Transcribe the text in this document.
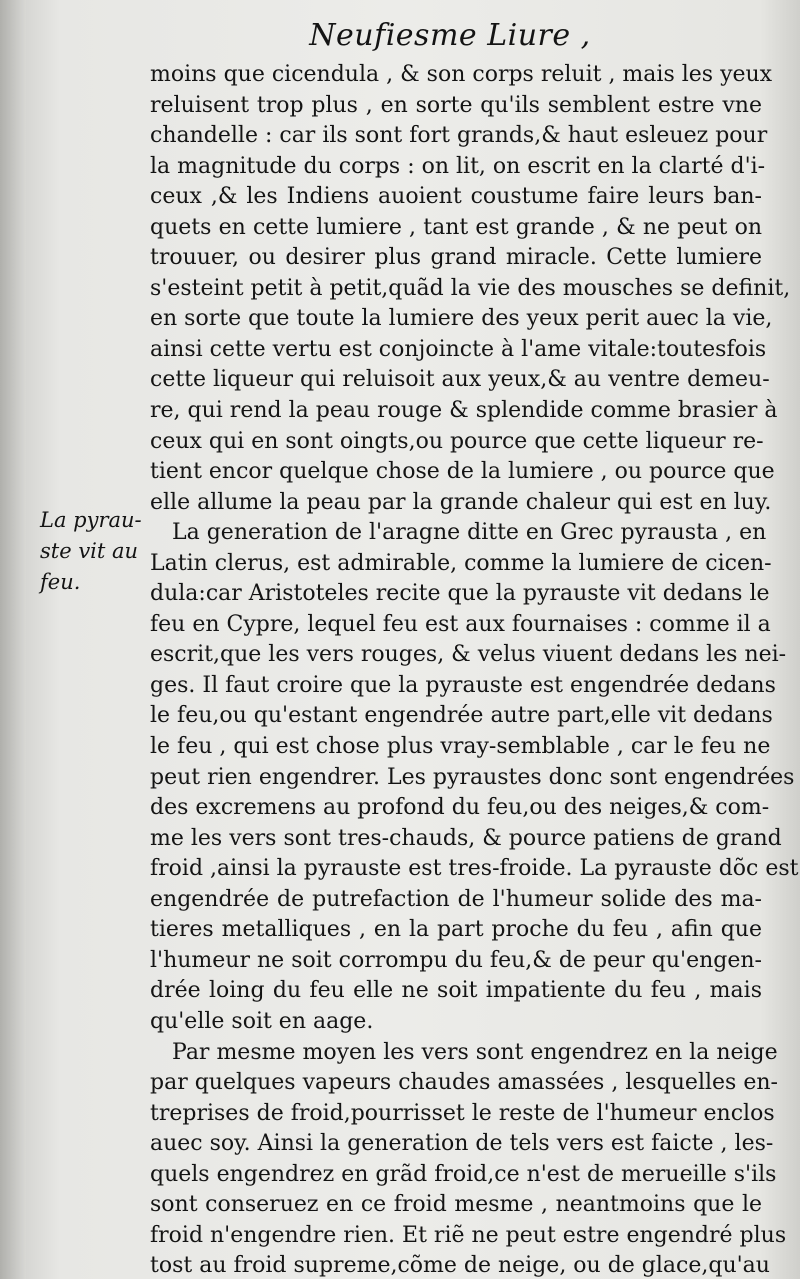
Neufiesme Liure ,
La pyrau-
ste vit au
feu.
moins que cicendula , & son corps reluit , mais les yeux
reluisent trop plus , en sorte qu'ils semblent estre vne
chandelle : car ils sont fort grands,& haut esleuez pour
la magnitude du corps : on lit, on escrit en la clarté d'i-
ceux ,& les Indiens auoient coustume faire leurs ban-
quets en cette lumiere , tant est grande , & ne peut on
trouuer, ou desirer plus grand miracle. Cette lumiere
s'esteint petit à petit,quãd la vie des mousches se definit,
en sorte que toute la lumiere des yeux perit auec la vie,
ainsi cette vertu est conjoincte à l'ame vitale:toutesfois
cette liqueur qui reluisoit aux yeux,& au ventre demeu-
re, qui rend la peau rouge & splendide comme brasier à
ceux qui en sont oingts,ou pource que cette liqueur re-
tient encor quelque chose de la lumiere , ou pource que
elle allume la peau par la grande chaleur qui est en luy.
La generation de l'aragne ditte en Grec pyrausta , en
Latin clerus, est admirable, comme la lumiere de cicen-
dula:car Aristoteles recite que la pyrauste vit dedans le
feu en Cypre, lequel feu est aux fournaises : comme il a
escrit,que les vers rouges, & velus viuent dedans les nei-
ges. Il faut croire que la pyrauste est engendrée dedans
le feu,ou qu'estant engendrée autre part,elle vit dedans
le feu , qui est chose plus vray-semblable , car le feu ne
peut rien engendrer. Les pyraustes donc sont engendrées
des excremens au profond du feu,ou des neiges,& com-
me les vers sont tres-chauds, & pource patiens de grand
froid ,ainsi la pyrauste est tres-froide. La pyrauste dõc est
engendrée de putrefaction de l'humeur solide des ma-
tieres metalliques , en la part proche du feu , afin que
l'humeur ne soit corrompu du feu,& de peur qu'engen-
drée loing du feu elle ne soit impatiente du feu , mais
qu'elle soit en aage.
Par mesme moyen les vers sont engendrez en la neige
par quelques vapeurs chaudes amassées , lesquelles en-
treprises de froid,pourrisset le reste de l'humeur enclos
auec soy. Ainsi la generation de tels vers est faicte , les-
quels engendrez en grãd froid,ce n'est de merueille s'ils
sont conseruez en ce froid mesme , neantmoins que le
froid n'engendre rien. Et riẽ ne peut estre engendré plus
tost au froid supreme,cõme de neige, ou de glace,qu'au
